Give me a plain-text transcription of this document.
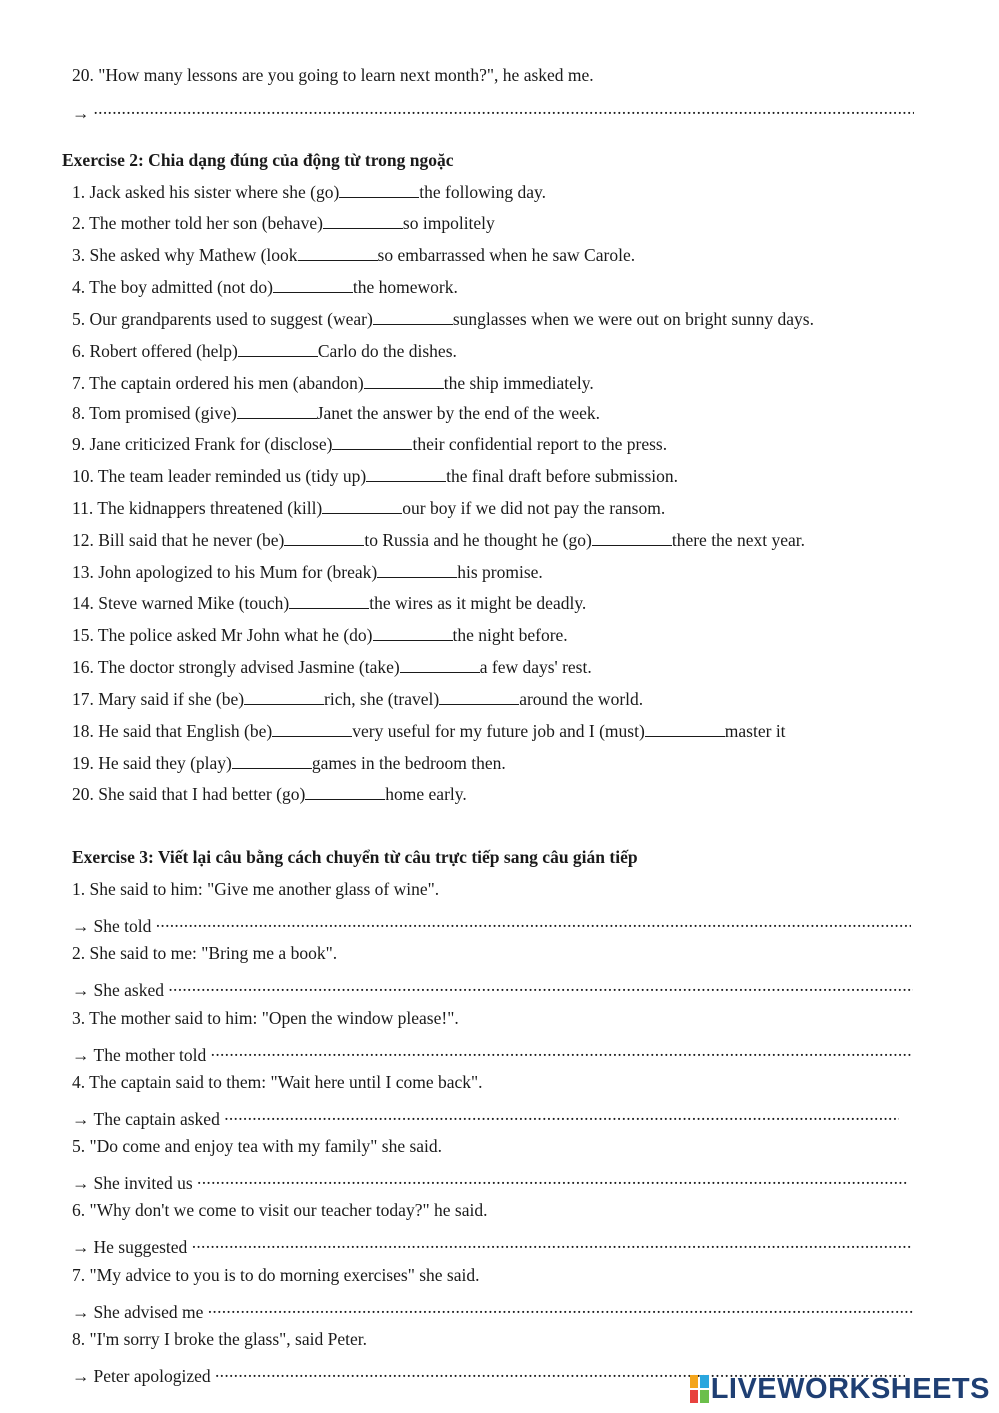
20. "How many lessons are you going to learn next month?", he asked me.
→.....
Exercise 2: Chia dạng đúng của động từ trong ngoặc
1. Jack asked his sister where she (go)	the following day.
2. The mother told her son (behave)	so impolitely
3. She asked why Mathew (look	so embarrassed when he saw Carole.
4. The boy admitted (not do)	the homework.
5. Our grandparents used to suggest (wear)	sunglasses when we were out on bright sunny days.
6. Robert offered (help)	Carlo do the dishes.
7. The captain ordered his men (abandon)	the ship immediately.
8. Tom promised (give)	Janet the answer by the end of the week.
9. Jane criticized Frank for (disclose)	their confidential report to the press.
10. The team leader reminded us (tidy up)	the final draft before submission.
11. The kidnappers threatened (kill)	our boy if we did not pay the ransom.
12. Bill said that he never (be)	to Russia and he thought he (go)	there the next year.
13. John apologized to his Mum for (break)	his promise.
14. Steve warned Mike (touch)	the wires as it might be deadly.
15. The police asked Mr John what he (do)	the night before.
16. The doctor strongly advised Jasmine (take)	a few days' rest.
17. Mary said if she (be)	rich, she (travel)	around the world.
18. He said that English (be)	very useful for my future job and I (must)	master it
19. He said they (play)	games in the bedroom then.
20. She said that I had better (go)	home early.
Exercise 3: Viết lại câu bằng cách chuyển từ câu trực tiếp sang câu gián tiếp
1. She said to him: "Give me another glass of wine".
→ She told .....
2. She said to me: "Bring me a book".
→ She asked .....
3. The mother said to him: "Open the window please!".
→ The mother told .....
4. The captain said to them: "Wait here until I come back".
→ The captain asked .....
5. "Do come and enjoy tea with my family" she said.
→ She invited us .....
6. "Why don't we come to visit our teacher today?" he said.
→ He suggested .....
7. "My advice to you is to do morning exercises" she said.
→ She advised me .....
8. "I'm sorry I broke the glass", said Peter.
→ Peter apologized .....	LIVEWORKSHEETS
